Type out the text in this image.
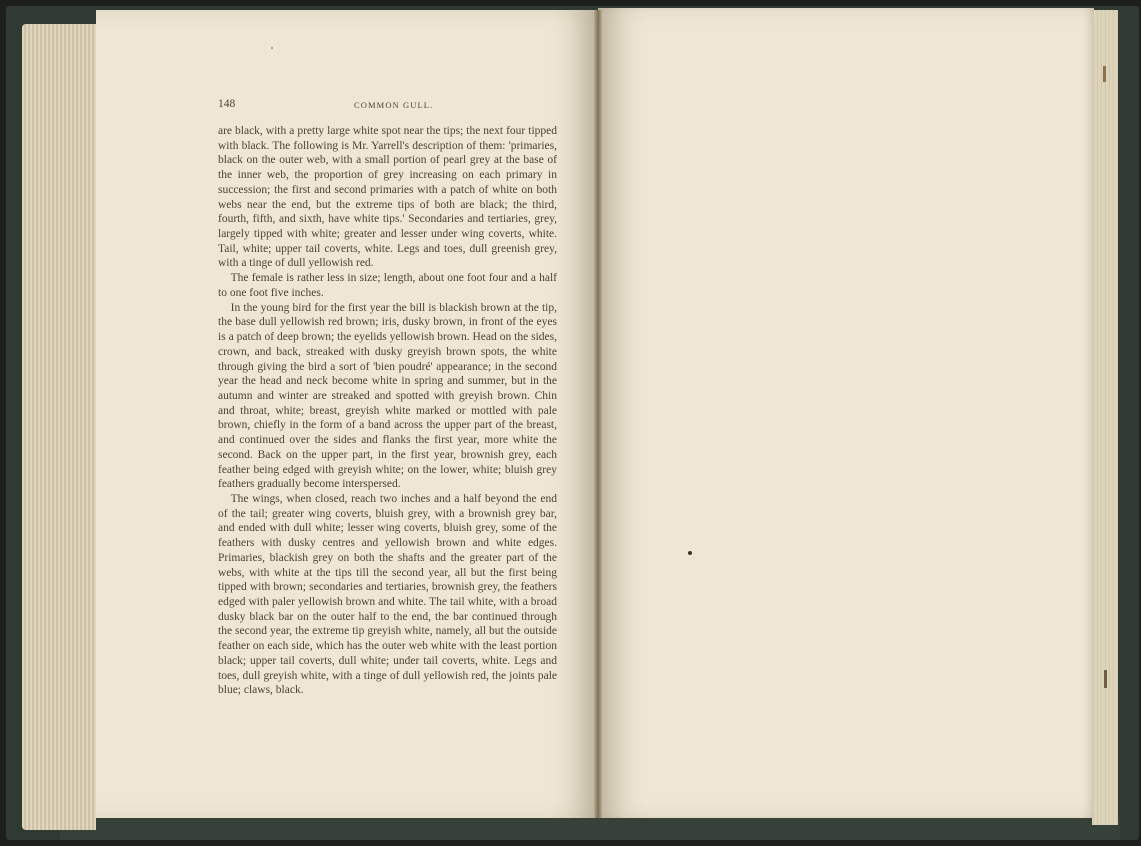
148	COMMON GULL.

are black, with a pretty large white spot near the tips; the next four tipped with black. The following is Mr. Yarrell's description of them: 'primaries, black on the outer web, with a small portion of pearl grey at the base of the inner web, the proportion of grey increasing on each primary in succession; the first and second primaries with a patch of white on both webs near the end, but the extreme tips of both are black; the third, fourth, fifth, and sixth, have white tips.' Secondaries and tertiaries, grey, largely tipped with white; greater and lesser under wing coverts, white. Tail, white; upper tail coverts, white. Legs and toes, dull greenish grey, with a tinge of dull yellowish red.

The female is rather less in size; length, about one foot four and a half to one foot five inches.

In the young bird for the first year the bill is blackish brown at the tip, the base dull yellowish red brown; iris, dusky brown, in front of the eyes is a patch of deep brown; the eyelids yellowish brown. Head on the sides, crown, and back, streaked with dusky greyish brown spots, the white through giving the bird a sort of 'bien poudré' appearance; in the second year the head and neck become white in spring and summer, but in the autumn and winter are streaked and spotted with greyish brown. Chin and throat, white; breast, greyish white marked or mottled with pale brown, chiefly in the form of a band across the upper part of the breast, and continued over the sides and flanks the first year, more white the second. Back on the upper part, in the first year, brownish grey, each feather being edged with greyish white; on the lower, white; bluish grey feathers gradually become interspersed.

The wings, when closed, reach two inches and a half beyond the end of the tail; greater wing coverts, bluish grey, with a brownish grey bar, and ended with dull white; lesser wing coverts, bluish grey, some of the feathers with dusky centres and yellowish brown and white edges. Primaries, blackish grey on both the shafts and the greater part of the webs, with white at the tips till the second year, all but the first being tipped with brown; secondaries and tertiaries, brownish grey, the feathers edged with paler yellowish brown and white. The tail white, with a broad dusky black bar on the outer half to the end, the bar continued through the second year, the extreme tip greyish white, namely, all but the outside feather on each side, which has the outer web white with the least portion black; upper tail coverts, dull white; under tail coverts, white. Legs and toes, dull greyish white, with a tinge of dull yellowish red, the joints pale blue; claws, black.
